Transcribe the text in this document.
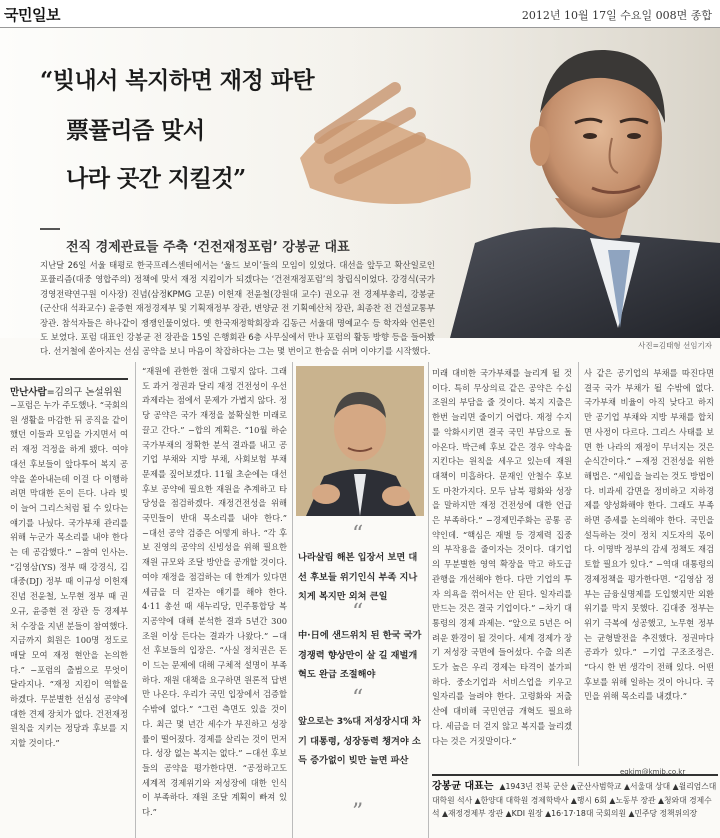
국민일보	2012년 10월 17일 수요일 008면 종합
“빚내서 복지하면 재정 파탄
票퓰리즘 맞서
나라 곳간 지킬것”
전직 경제관료들 주축 ‘건전재정포럼’ 강봉균 대표

지난달 26일 서울 태평로 한국프레스센터에서는 ‘울드 보이’들의 모임이 있었다. 대선을 앞두고 확산일로인 포퓰리즘(대중 영합주의) 정책에 맞서 재정 지킴이가 되겠다는 ‘건전재정포럼’의 창립식이었다. 강경식(국가경영전략연구원 이사장) 진념(삼정KPMG 고문) 이헌재 전윤철(강원대 교수) 권오규 전 경제부총리, 강봉균(군산대 석좌교수) 윤증현 재정경제부 및 기획재정부 장관, 변양균 전 기획예산처 장관, 최종찬 전 건설교통부 장관. 참석자들은 하나같이 쟁쟁인물이었다. 옛 한국재정학회장과 김동근 서울대 명예교수 등 학자와 언론인도 보였다. 포럼 대표인 강봉균 전 장관을 15일 은행회관 6층 사무실에서 만나 포럼의 활동 방향 등을 들어봤다. 선거철에 쏟아지는 선심 공약을 보니 마음이 착잡하다는 그는 몇 번이고 한숨을 쉬며 이야기를 시작했다.

사진=김태형 선임기자
만난사람=김의구 논설위원
−포럼은 누가 주도했나. “국회의원 생활을 마감한 뒤 공직을 같이 했던 이들과 모임을 가지면서 여러 재정 걱정을 하게 됐다. 여야 대선 후보들이 앞다투어 복지 공약을 쏟아내는데 이걸 다 이행하려면 막대한 돈이 든다. 나라 빚이 늘어 그리스처럼 될 수 있다는 얘기를 나눴다. 국가부채 관리를 위해 누군가 목소리를 내야 한다는 데 공감했다.” −참여 인사는. “김영삼(YS) 정부 때 강경식, 김대중(DJ) 정부 때 이규성 이헌재 진념 전윤철, 노무현 정부 때 권오규, 윤증현 전 장관 등 경제부처 수장을 지낸 분들이 참여했다. 지금까지 회원은 100명 정도로 매달 모여 재정 현안을 논의한다.” −포럼의 출범으로 무엇이 달라지나. “재정 지킴이 역할을 하겠다. 무분별한 선심성 공약에 대한 견제 장치가 없다. 건전재정 원칙을 지키는 정당과 후보를 지지할 것이다.”
“재원에 관한한 절대 그렇지 않다. 그래도 과거 정권과 달리 재정 건전성이 우선 과제라는 점에서 문제가 가볍지 않다. 정당 공약은 국가 재정을 불확실한 미래로 끌고 간다.” −합의 계획은. “10월 하순 국가부채의 정확한 분석 결과를 내고 공기업 부채와 지방 부채, 사회보험 부채 문제를 짚어보겠다. 11월 초순에는 대선 후보 공약에 필요한 재원을 추계하고 타당성을 점검하겠다. 재정건전성을 위해 국민들이 반대 목소리를 내야 한다.” −대선 공약 검증은 어떻게 하나. “각 후보 진영의 공약의 신빙성을 위해 필요한 재원 규모와 조달 방안을 공개할 것이다. 여야 재정을 점검하는 데 한계가 있다면 세금을 더 걷자는 얘기를 해야 한다. 4·11 총선 때 새누리당, 민주통합당 복지공약에 대해 분석한 결과 5년간 300조원 이상 든다는 결과가 나왔다.” −대선 후보들의 입장은. “사실 정치권은 돈이 드는 문제에 대해 구체적 설명이 부족하다. 재원 대책을 요구하면 원론적 답변만 나온다. 우리가 국민 입장에서 검증할 수밖에 없다.” “그런 측면도 있을 것이다. 최근 몇 년간 세수가 부진하고 성장률이 떨어졌다. 경제를 살리는 것이 먼저다. 성장 없는 복지는 없다.” −대선 후보들의 공약을 평가한다면. “공정하고도 세계적 경제위기와 저성장에 대한 인식이 부족하다. 재원 조달 계획이 빠져 있다.”
“
나라살림 해본 입장서 보면 대선 후보들 위기인식 부족 지나치게 복지만 외쳐 큰일
“
中·日에 샌드위치 된 한국 국가경쟁력 향상만이 살 길 재벌개혁도 완급 조절해야
“
앞으로는 3%대 저성장시대 차기 대통령, 성장동력 챙겨야 소득 증가없이 빚만 늘면 파산
”
미래 대비한 국가부채를 늘리게 될 것이다. 특히 무상의료 같은 공약은 수십조원의 부담을 줄 것이다. 복지 지출은 한번 늘리면 줄이기 어렵다. 재정 수지를 악화시키면 결국 국민 부담으로 돌아온다. 박근혜 후보 같은 경우 약속을 지킨다는 원칙을 세우고 있는데 재원 대책이 미흡하다. 문재인 안철수 후보도 마찬가지다. 모두 남북 평화와 성장을 말하지만 재정 건전성에 대한 언급은 부족하다.” −경제민주화는 공통 공약인데. “핵심은 재벌 등 경제력 집중의 부작용을 줄이자는 것이다. 대기업의 무분별한 영역 확장을 막고 하도급 관행을 개선해야 한다. 다만 기업의 투자 의욕을 꺾어서는 안 된다. 일자리를 만드는 것은 결국 기업이다.” −차기 대통령의 경제 과제는. “앞으로 5년은 어려운 환경이 될 것이다. 세계 경제가 장기 저성장 국면에 들어섰다. 수출 의존도가 높은 우리 경제는 타격이 불가피하다. 중소기업과 서비스업을 키우고 일자리를 늘려야 한다. 고령화와 저출산에 대비해 국민연금 개혁도 필요하다. 세금을 더 걷지 않고 복지를 늘리겠다는 것은 거짓말이다.”
사 같은 공기업의 부채를 따진다면 결국 국가 부채가 될 수밖에 없다. 국가부채 비율이 아직 낮다고 하지만 공기업 부채와 지방 부채를 합치면 사정이 다르다. 그리스 사태를 보면 한 나라의 재정이 무너지는 것은 순식간이다.” −재정 건전성을 위한 해법은. “세입을 늘리는 것도 방법이다. 비과세 감면을 정비하고 지하경제를 양성화해야 한다. 그래도 부족하면 증세를 논의해야 한다. 국민을 설득하는 것이 정치 지도자의 몫이다. 이명박 정부의 감세 정책도 재검토할 필요가 있다.” −역대 대통령의 경제정책을 평가한다면. “김영삼 정부는 금융실명제를 도입했지만 외환위기를 막지 못했다. 김대중 정부는 위기 극복에 성공했고, 노무현 정부는 균형발전을 추진했다. 정권마다 공과가 있다.” −기업 구조조정은. “다시 한 번 생각이 전해 있다. 어떤 후보를 위해 일하는 것이 아니다. 국민을 위해 목소리를 내겠다.”
egkim@kmib.co.kr
강봉균 대표는 ▲1943년 전북 군산 ▲군산사범학교 ▲서울대 상대 ▲윌리엄스대 대학원 석사 ▲한양대 대학원 경제학박사 ▲행시 6회 ▲노동부 장관 ▲청와대 경제수석 ▲재정경제부 장관 ▲KDI 원장 ▲16·17·18대 국회의원 ▲민주당 정책위의장
